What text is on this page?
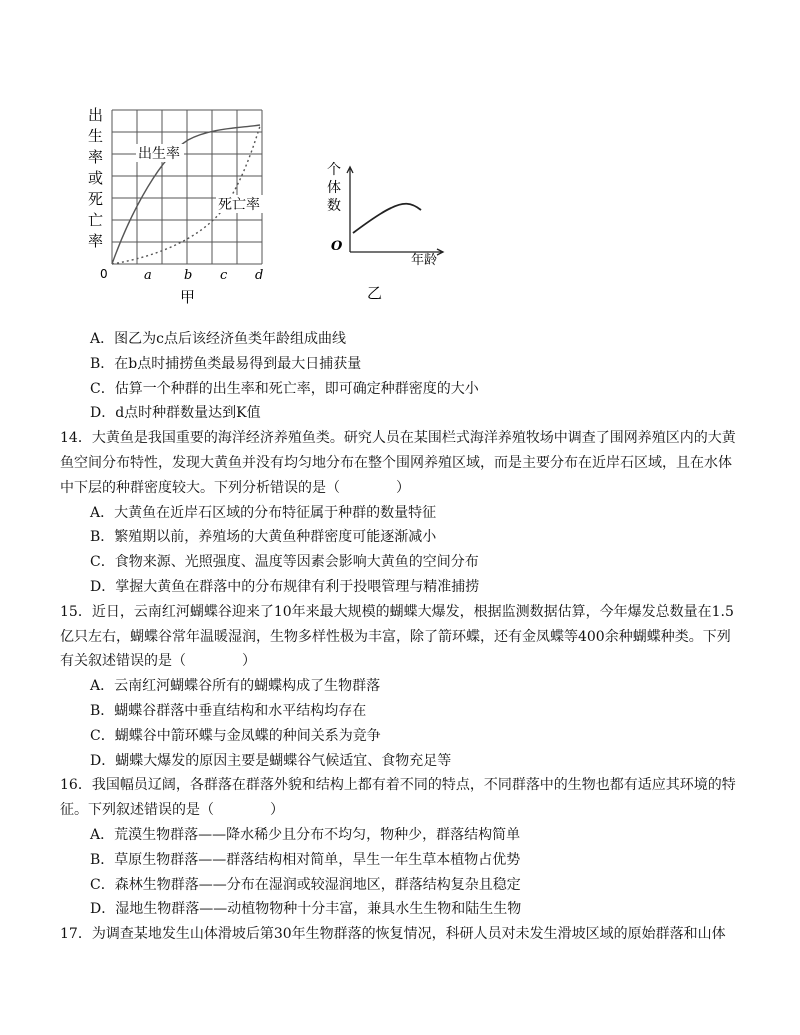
出
生
率
或
死
亡
率
出生率
死亡率
0	a b c d
甲
个
体
数
O
年龄
乙

A．图乙为c点后该经济鱼类年龄组成曲线

B．在b点时捕捞鱼类最易得到最大日捕获量

C．估算一个种群的出生率和死亡率，即可确定种群密度的大小

D．d点时种群数量达到K值

14．大黄鱼是我国重要的海洋经济养殖鱼类。研究人员在某围栏式海洋养殖牧场中调查了围网养殖区内的大黄

鱼空间分布特性，发现大黄鱼并没有均匀地分布在整个围网养殖区域，而是主要分布在近岸石区域，且在水体

中下层的种群密度较大。下列分析错误的是（　　　　）

A．大黄鱼在近岸石区域的分布特征属于种群的数量特征

B．繁殖期以前，养殖场的大黄鱼种群密度可能逐渐减小

C．食物来源、光照强度、温度等因素会影响大黄鱼的空间分布

D．掌握大黄鱼在群落中的分布规律有利于投喂管理与精准捕捞

15．近日，云南红河蝴蝶谷迎来了10年来最大规模的蝴蝶大爆发，根据监测数据估算，今年爆发总数量在1.5

亿只左右，蝴蝶谷常年温暖湿润，生物多样性极为丰富，除了箭环蝶，还有金凤蝶等400余种蝴蝶种类。下列

有关叙述错误的是（　　　　）

A．云南红河蝴蝶谷所有的蝴蝶构成了生物群落

B．蝴蝶谷群落中垂直结构和水平结构均存在

C．蝴蝶谷中箭环蝶与金凤蝶的种间关系为竞争

D．蝴蝶大爆发的原因主要是蝴蝶谷气候适宜、食物充足等

16．我国幅员辽阔，各群落在群落外貌和结构上都有着不同的特点，不同群落中的生物也都有适应其环境的特

征。下列叙述错误的是（　　　　）

A．荒漠生物群落——降水稀少且分布不均匀，物种少，群落结构简单

B．草原生物群落——群落结构相对简单，旱生一年生草本植物占优势

C．森林生物群落——分布在湿润或较湿润地区，群落结构复杂且稳定

D．湿地生物群落——动植物物种十分丰富，兼具水生生物和陆生生物

17．为调查某地发生山体滑坡后第30年生物群落的恢复情况，科研人员对未发生滑坡区域的原始群落和山体
